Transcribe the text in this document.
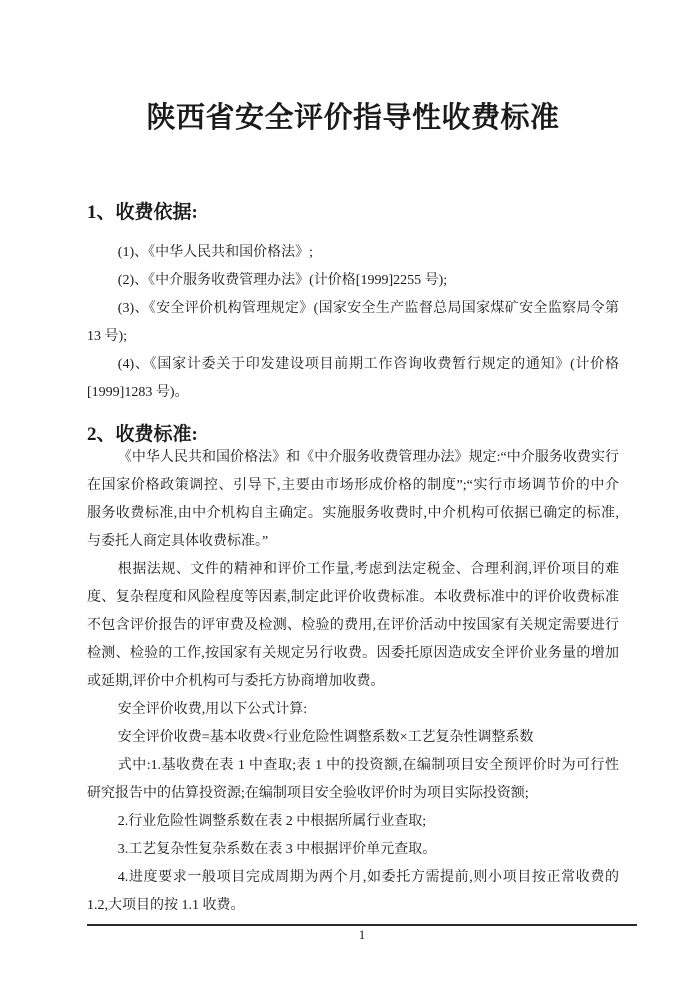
陕西省安全评价指导性收费标准
1、收费依据:
(1)、《中华人民共和国价格法》;
(2)、《中介服务收费管理办法》(计价格[1999]2255 号);
(3)、《安全评价机构管理规定》(国家安全生产监督总局国家煤矿安全监察局令第
13 号);
(4)、《国家计委关于印发建设项目前期工作咨询收费暂行规定的通知》(计价格
[1999]1283 号)。
2、收费标准:
《中华人民共和国价格法》和《中介服务收费管理办法》规定:“中介服务收费实行
在国家价格政策调控、引导下,主要由市场形成价格的制度”;“实行市场调节价的中介
服务收费标准,由中介机构自主确定。实施服务收费时,中介机构可依据已确定的标准,
与委托人商定具体收费标准。”
根据法规、文件的精神和评价工作量,考虑到法定税金、合理利润,评价项目的难
度、复杂程度和风险程度等因素,制定此评价收费标准。本收费标准中的评价收费标准
不包含评价报告的评审费及检测、检验的费用,在评价活动中按国家有关规定需要进行
检测、检验的工作,按国家有关规定另行收费。因委托原因造成安全评价业务量的增加
或延期,评价中介机构可与委托方协商增加收费。
安全评价收费,用以下公式计算:
安全评价收费=基本收费×行业危险性调整系数×工艺复杂性调整系数
式中:1.基收费在表 1 中查取;表 1 中的投资额,在编制项目安全预评价时为可行性
研究报告中的估算投资源;在编制项目安全验收评价时为项目实际投资额;
2.行业危险性调整系数在表 2 中根据所属行业查取;
3.工艺复杂性复杂系数在表 3 中根据评价单元查取。
4.进度要求一般项目完成周期为两个月,如委托方需提前,则小项目按正常收费的
1.2,大项目的按 1.1 收费。
1
